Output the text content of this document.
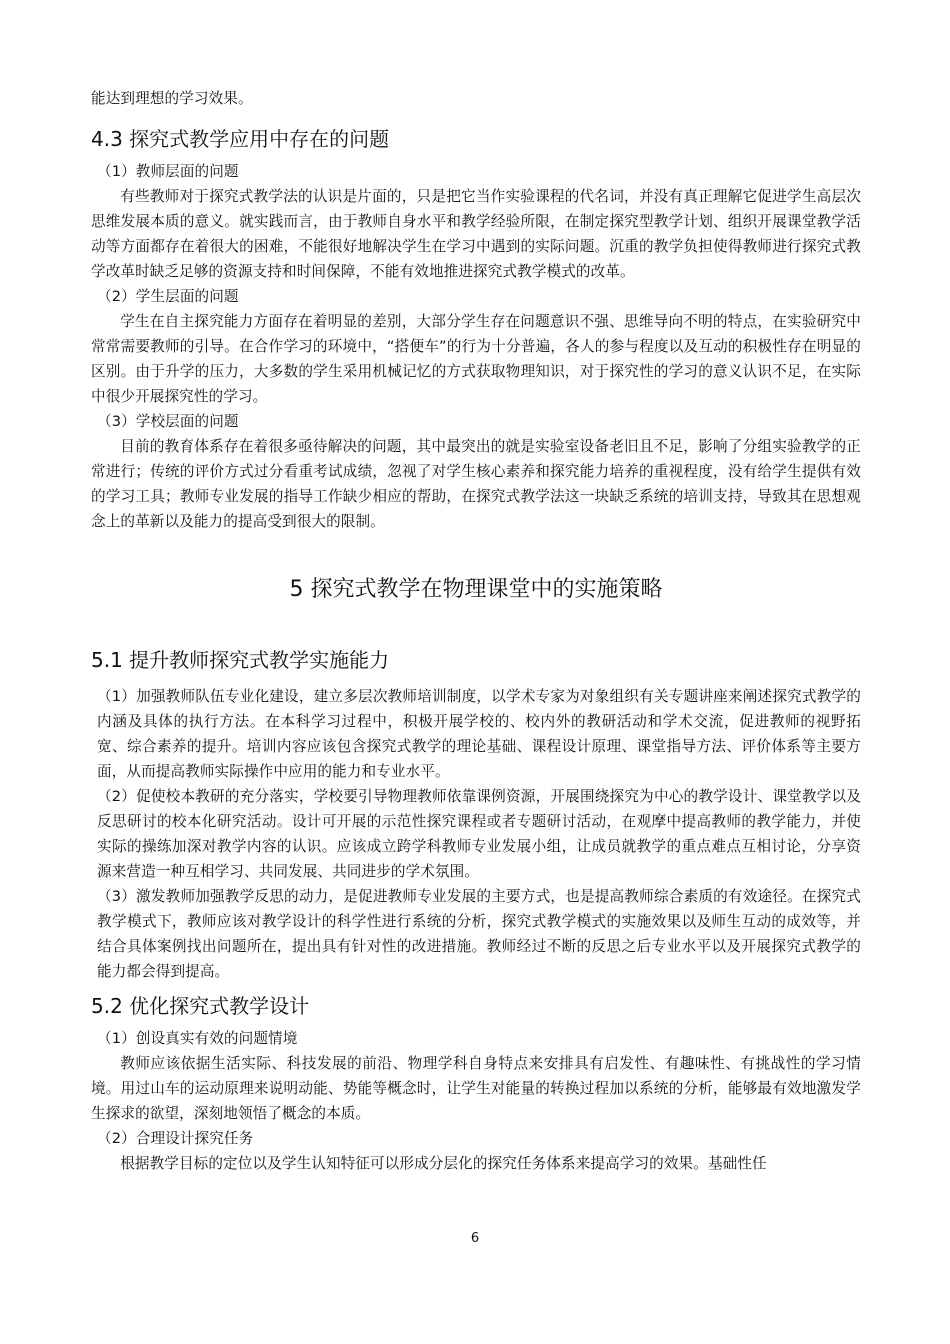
能达到理想的学习效果。

4.3 探究式教学应用中存在的问题

（1）教师层面的问题

有些教师对于探究式教学法的认识是片面的，只是把它当作实验课程的代名词，并没有真正理解它促进学生高层次思维发展本质的意义。就实践而言，由于教师自身水平和教学经验所限，在制定探究型教学计划、组织开展课堂教学活动等方面都存在着很大的困难，不能很好地解决学生在学习中遇到的实际问题。沉重的教学负担使得教师进行探究式教学改革时缺乏足够的资源支持和时间保障，不能有效地推进探究式教学模式的改革。

（2）学生层面的问题

学生在自主探究能力方面存在着明显的差别，大部分学生存在问题意识不强、思维导向不明的特点，在实验研究中常常需要教师的引导。在合作学习的环境中，“搭便车”的行为十分普遍，各人的参与程度以及互动的积极性存在明显的区别。由于升学的压力，大多数的学生采用机械记忆的方式获取物理知识，对于探究性的学习的意义认识不足，在实际中很少开展探究性的学习。

（3）学校层面的问题

目前的教育体系存在着很多亟待解决的问题，其中最突出的就是实验室设备老旧且不足，影响了分组实验教学的正常进行；传统的评价方式过分看重考试成绩，忽视了对学生核心素养和探究能力培养的重视程度，没有给学生提供有效的学习工具；教师专业发展的指导工作缺少相应的帮助，在探究式教学法这一块缺乏系统的培训支持，导致其在思想观念上的革新以及能力的提高受到很大的限制。

5 探究式教学在物理课堂中的实施策略
5.1 提升教师探究式教学实施能力

（1）加强教师队伍专业化建设，建立多层次教师培训制度，以学术专家为对象组织有关专题讲座来阐述探究式教学的内涵及具体的执行方法。在本科学习过程中，积极开展学校的、校内外的教研活动和学术交流，促进教师的视野拓宽、综合素养的提升。培训内容应该包含探究式教学的理论基础、课程设计原理、课堂指导方法、评价体系等主要方面，从而提高教师实际操作中应用的能力和专业水平。

（2）促使校本教研的充分落实，学校要引导物理教师依靠课例资源，开展围绕探究为中心的教学设计、课堂教学以及反思研讨的校本化研究活动。设计可开展的示范性探究课程或者专题研讨活动，在观摩中提高教师的教学能力，并使实际的操练加深对教学内容的认识。应该成立跨学科教师专业发展小组，让成员就教学的重点难点互相讨论，分享资源来营造一种互相学习、共同发展、共同进步的学术氛围。

（3）激发教师加强教学反思的动力，是促进教师专业发展的主要方式，也是提高教师综合素质的有效途径。在探究式教学模式下，教师应该对教学设计的科学性进行系统的分析，探究式教学模式的实施效果以及师生互动的成效等，并结合具体案例找出问题所在，提出具有针对性的改进措施。教师经过不断的反思之后专业水平以及开展探究式教学的能力都会得到提高。

5.2 优化探究式教学设计

（1）创设真实有效的问题情境

教师应该依据生活实际、科技发展的前沿、物理学科自身特点来安排具有启发性、有趣味性、有挑战性的学习情境。用过山车的运动原理来说明动能、势能等概念时，让学生对能量的转换过程加以系统的分析，能够最有效地激发学生探求的欲望，深刻地领悟了概念的本质。

（2）合理设计探究任务

根据教学目标的定位以及学生认知特征可以形成分层化的探究任务体系来提高学习的效果。基础性任

6
